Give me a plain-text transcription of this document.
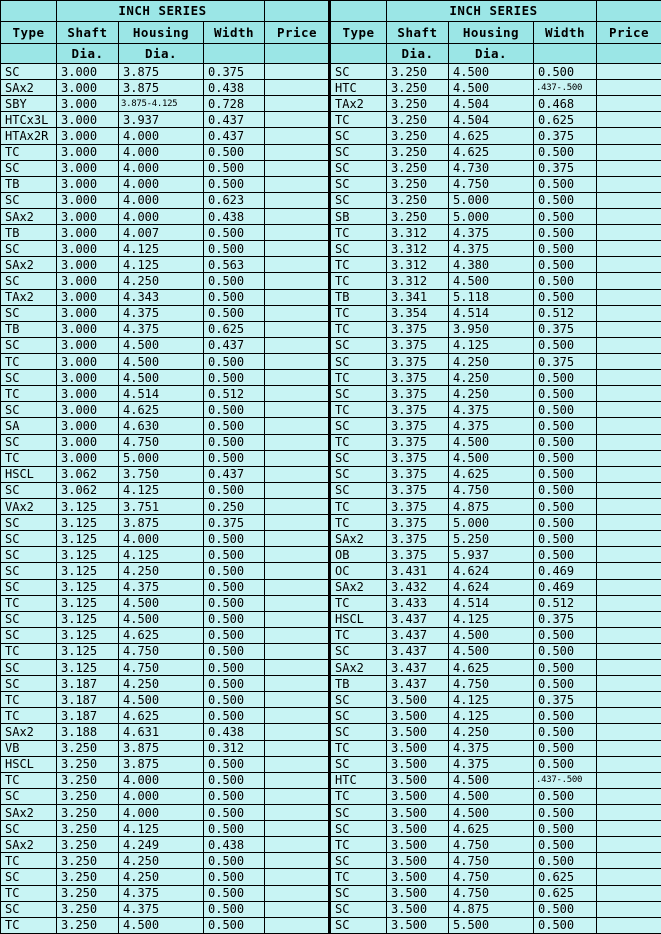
	INCH SERIES			
Type	Shaft	Housing	Width	Price
	Dia.	Dia.		
SC	3.000	3.875	0.375	
SAx2	3.000	3.875	0.438	
SBY	3.000	3.875-4.125	0.728	
HTCx3L	3.000	3.937	0.437	
HTAx2R	3.000	4.000	0.437	
TC	3.000	4.000	0.500	
SC	3.000	4.000	0.500	
TB	3.000	4.000	0.500	
SC	3.000	4.000	0.623	
SAx2	3.000	4.000	0.438	
TB	3.000	4.007	0.500	
SC	3.000	4.125	0.500	
SAx2	3.000	4.125	0.563	
SC	3.000	4.250	0.500	
TAx2	3.000	4.343	0.500	
SC	3.000	4.375	0.500	
TB	3.000	4.375	0.625	
SC	3.000	4.500	0.437	
TC	3.000	4.500	0.500	
SC	3.000	4.500	0.500	
TC	3.000	4.514	0.512	
SC	3.000	4.625	0.500	
SA	3.000	4.630	0.500	
SC	3.000	4.750	0.500	
TC	3.000	5.000	0.500	
HSCL	3.062	3.750	0.437	
SC	3.062	4.125	0.500	
VAx2	3.125	3.751	0.250	
SC	3.125	3.875	0.375	
SC	3.125	4.000	0.500	
SC	3.125	4.125	0.500	
SC	3.125	4.250	0.500	
SC	3.125	4.375	0.500	
TC	3.125	4.500	0.500	
SC	3.125	4.500	0.500	
SC	3.125	4.625	0.500	
TC	3.125	4.750	0.500	
SC	3.125	4.750	0.500	
SC	3.187	4.250	0.500	
TC	3.187	4.500	0.500	
TC	3.187	4.625	0.500	
SAx2	3.188	4.631	0.438	
VB	3.250	3.875	0.312	
HSCL	3.250	3.875	0.500	
TC	3.250	4.000	0.500	
SC	3.250	4.000	0.500	
SAx2	3.250	4.000	0.500	
SC	3.250	4.125	0.500	
SAx2	3.250	4.249	0.438	
TC	3.250	4.250	0.500	
SC	3.250	4.250	0.500	
TC	3.250	4.375	0.500	
SC	3.250	4.375	0.500	
TC	3.250	4.500	0.500	
	INCH SERIES			
Type	Shaft	Housing	Width	Price
	Dia.	Dia.		
SC	3.250	4.500	0.500	
HTC	3.250	4.500	.437-.500	
TAx2	3.250	4.504	0.468	
TC	3.250	4.504	0.625	
SC	3.250	4.625	0.375	
SC	3.250	4.625	0.500	
SC	3.250	4.730	0.375	
SC	3.250	4.750	0.500	
SC	3.250	5.000	0.500	
SB	3.250	5.000	0.500	
TC	3.312	4.375	0.500	
SC	3.312	4.375	0.500	
TC	3.312	4.380	0.500	
TC	3.312	4.500	0.500	
TB	3.341	5.118	0.500	
TC	3.354	4.514	0.512	
TC	3.375	3.950	0.375	
SC	3.375	4.125	0.500	
SC	3.375	4.250	0.375	
TC	3.375	4.250	0.500	
SC	3.375	4.250	0.500	
TC	3.375	4.375	0.500	
SC	3.375	4.375	0.500	
TC	3.375	4.500	0.500	
SC	3.375	4.500	0.500	
SC	3.375	4.625	0.500	
SC	3.375	4.750	0.500	
TC	3.375	4.875	0.500	
TC	3.375	5.000	0.500	
SAx2	3.375	5.250	0.500	
OB	3.375	5.937	0.500	
OC	3.431	4.624	0.469	
SAx2	3.432	4.624	0.469	
TC	3.433	4.514	0.512	
HSCL	3.437	4.125	0.375	
TC	3.437	4.500	0.500	
SC	3.437	4.500	0.500	
SAx2	3.437	4.625	0.500	
TB	3.437	4.750	0.500	
SC	3.500	4.125	0.375	
SC	3.500	4.125	0.500	
SC	3.500	4.250	0.500	
TC	3.500	4.375	0.500	
SC	3.500	4.375	0.500	
HTC	3.500	4.500	.437-.500	
TC	3.500	4.500	0.500	
SC	3.500	4.500	0.500	
SC	3.500	4.625	0.500	
TC	3.500	4.750	0.500	
SC	3.500	4.750	0.500	
TC	3.500	4.750	0.625	
SC	3.500	4.750	0.625	
SC	3.500	4.875	0.500	
SC	3.500	5.500	0.500	
